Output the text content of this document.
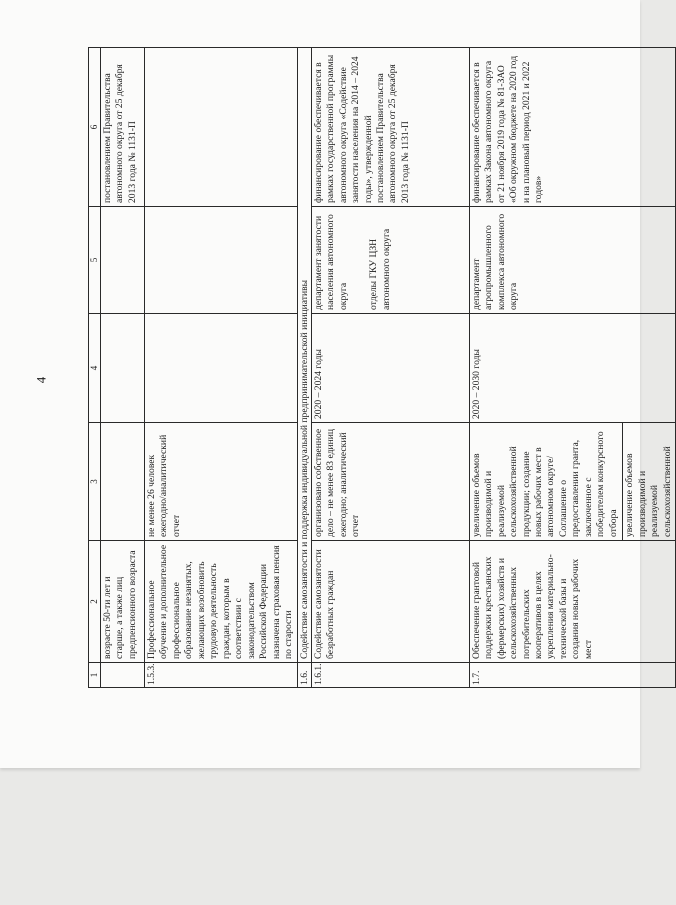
4
1	2	3	4	5	6
	возрасте 50-ти лет и старше, а также лиц предпенсионного возраста				постановлением Правительства автономного округа от 25 декабря 2013 года № 1131-П
1.5.3.	Профессиональное обучение и дополнительное профессиональное образование незанятых, желающих возобновить трудовую деятельность граждан, которым в соответствии с законодательством Российской Федерации назначена страховая пенсия по старости	не менее 26 человек ежегодно/аналитический отчет			
1.6.	Содействие самозанятости и поддержка индивидуальной предпринимательской инициативы				
1.6.1.	Содействие самозанятости безработных граждан	организовано собственное дело – не менее 83 единиц ежегодно; аналитический отчет	2020 – 2024 годы	департамент занятости населения автономного округа отделы ГКУ ЦЗН автономного округа	финансирование обеспечивается в рамках государственной программы автономного округа «Содействие занятости населения на 2014 – 2024 годы», утвержденной постановлением Правительства автономного округа от 25 декабря 2013 года № 1131-П
1.7.	Обеспечение грантовой поддержки крестьянских (фермерских) хозяйств и сельскохозяйственных потребительских кооперативов в целях укрепления материально-технической базы и создания новых рабочих мест	увеличение объемов производимой и реализуемой сельскохозяйственной продукции; создание новых рабочих мест в автономном округе/Соглашение о предоставлении гранта, заключенное с победителем конкурсного отбора увеличение объемов производимой и реализуемой сельскохозяйственной	2020 – 2030 годы	департамент агропромышленного комплекса автономного округа	финансирование обеспечивается в рамках Закона автономного округа от 21 ноября 2019 года № 81-ЗАО «Об окружном бюджете на 2020 год и на плановый период 2021 и 2022 годов»
